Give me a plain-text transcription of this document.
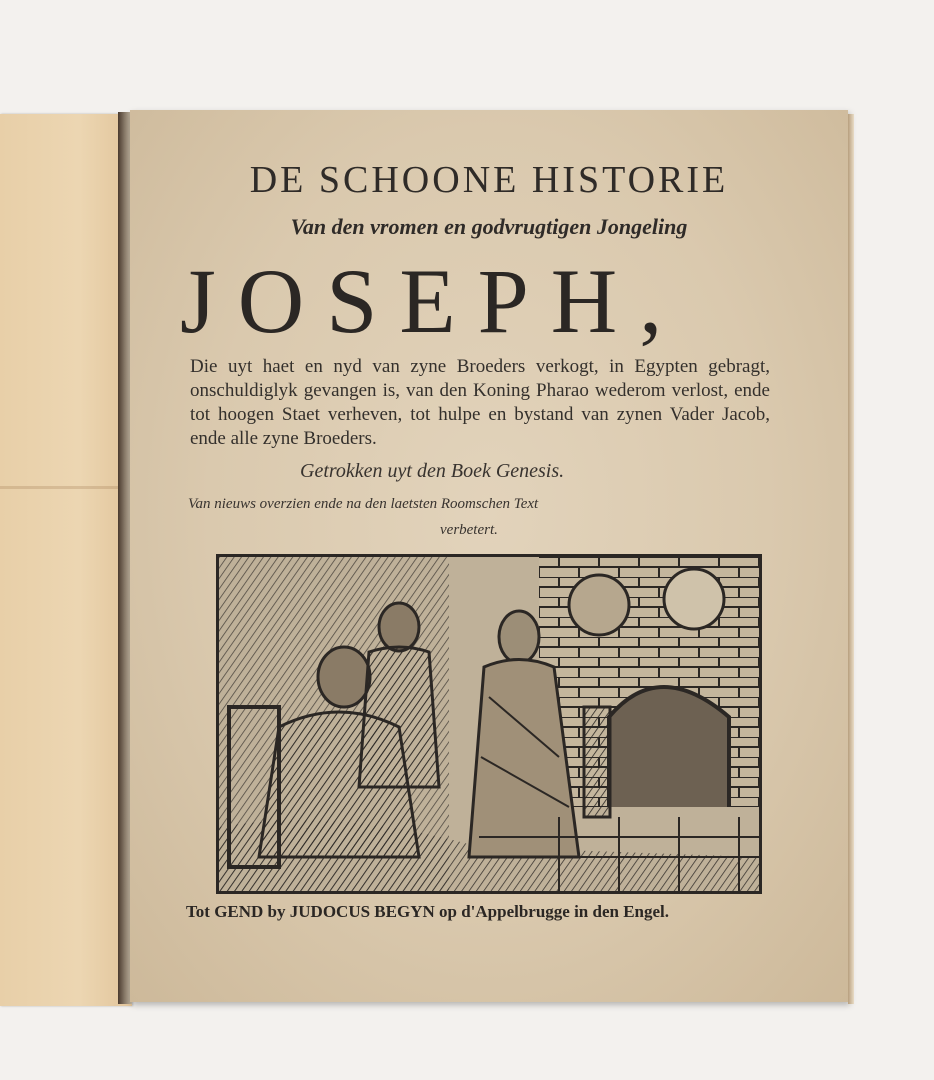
DE SCHOONE HISTORIE
Van den vromen en godvrugtigen Jongeling
JOSEPH,
Die uyt haet en nyd van zyne Broeders verkogt, in Egypten gebragt, onschuldiglyk gevangen is, van den Koning Pharao wederom verlost, ende tot hoogen Staet verheven, tot hulpe en bystand van zynen Vader Jacob, ende alle zyne Broeders.
Getrokken uyt den Boek Genesis.
Van nieuws overzien ende na den laetsten Roomschen Text
verbetert.
Tot GEND by JUDOCUS BEGYN op d'Appelbrugge in den Engel.
